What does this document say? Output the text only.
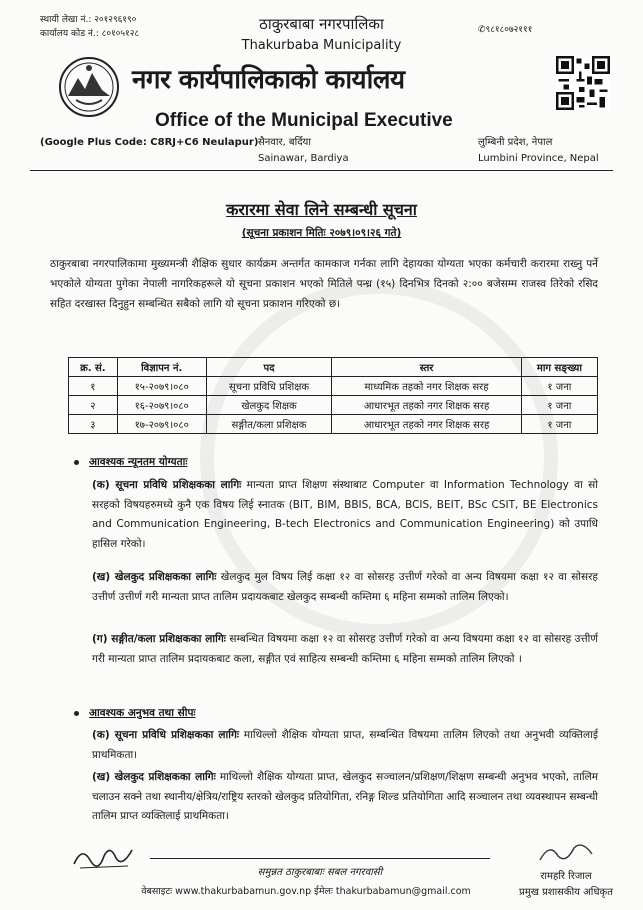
स्थायी लेखा नं.: २०१२९६१९०
कार्यालय कोड नं.: ८०१०५१२८	✆९८१८०७२१११
ठाकुरबाबा नगरपालिका
Thakurbaba Municipality
नगर कार्यपालिकाको कार्यालय
Office of the Municipal Executive
(Google Plus Code: C8RJ+C6 Neulapur) सैनवार, बर्दिया
Sainawar, Bardiya
लुम्बिनी प्रदेश, नेपाल
Lumbini Province, Nepal
करारमा सेवा लिने सम्बन्धी सूचना
(सूचना प्रकाशन मितिः २०७९।०९।२६ गते)
ठाकुरबाबा नगरपालिकामा मुख्यमन्त्री शैक्षिक सुधार कार्यक्रम अन्तर्गत कामकाज गर्नका लागि देहायका योग्यता भएका कर्मचारी करारमा राख्नु पर्ने भएकोले योग्यता पुगेका नेपाली नागरिकहरूले यो सूचना प्रकाशन भएको मितिले पन्ध्र (१५) दिनभित्र दिनको २:०० बजेसम्म राजस्व तिरेको रसिद सहित दरखास्त दिनुहुन सम्बन्धित सबैको लागि यो सूचना प्रकाशन गरिएको छ।
क्र. सं.	विज्ञापन नं.	पद	स्तर	माग सङ्ख्या
१	१५-२०७९।०८०	सूचना प्रविधि प्रशिक्षक	माध्यमिक तहको नगर शिक्षक सरह	१ जना
२	१६-२०७९।०८०	खेलकुद शिक्षक	आधारभूत तहको नगर शिक्षक सरह	१ जना
३	१७-२०७९।०८०	सङ्गीत/कला प्रशिक्षक	आधारभूत तहको नगर शिक्षक सरह	१ जना
आवश्यक न्यूनतम योग्यताः
(क) सूचना प्रविधि प्रशिक्षकका लागिः मान्यता प्राप्त शिक्षण संस्थाबाट Computer वा Information Technology वा सो सरहको विषयहरुमध्ये कुनै एक विषय लिई स्नातक (BIT, BIM, BBIS, BCA, BCIS, BEIT, BSc CSIT, BE Electronics and Communication Engineering, B-tech Electronics and Communication Engineering) को उपाधि हासिल गरेको।
(ख) खेलकुद प्रशिक्षकका लागिः खेलकुद मुल विषय लिई कक्षा १२ वा सोसरह उत्तीर्ण गरेको वा अन्य विषयमा कक्षा १२ वा सोसरह उत्तीर्ण उत्तीर्ण गरी मान्यता प्राप्त तालिम प्रदायकबाट खेलकुद सम्बन्धी कम्तिमा ६ महिना सम्मको तालिम लिएको।
(ग) सङ्गीत/कला प्रशिक्षकका लागिः सम्बन्धित विषयमा कक्षा १२ वा सोसरह उत्तीर्ण गरेको वा अन्य विषयमा कक्षा १२ वा सोसरह उत्तीर्ण गरी मान्यता प्राप्त तालिम प्रदायकबाट कला, सङ्गीत एवं साहित्य सम्बन्धी कम्तिमा ६ महिना सम्मको तालिम लिएको ।
आवश्यक अनुभव तथा सीपः
(क) सूचना प्रविधि प्रशिक्षकका लागिः माथिल्लो शैक्षिक योग्यता प्राप्त, सम्बन्धित विषयमा तालिम लिएको तथा अनुभवी व्यक्तिलाई प्राथमिकता।
(ख) खेलकुद प्रशिक्षकका लागिः माथिल्लो शैक्षिक योग्यता प्राप्त, खेलकुद सञ्चालन/प्रशिक्षण/शिक्षण सम्बन्धी अनुभव भएको, तालिम चलाउन सक्ने तथा स्थानीय/क्षेत्रिय/राष्ट्रिय स्तरको खेलकुद प्रतियोगिता, रनिङ्ग शिल्ड प्रतियोगिता आदि सञ्चालन तथा व्यवस्थापन सम्बन्धी तालिम प्राप्त व्यक्तिलाई प्राथमिकता।
रामहरि रिजाल
प्रमुख प्रशासकीय अधिकृत
समुन्नत ठाकुरबाबाः सबल नगरवासी
वेबसाइटः www.thakurbabamun.gov.np ईमेलः thakurbabamun@gmail.com
